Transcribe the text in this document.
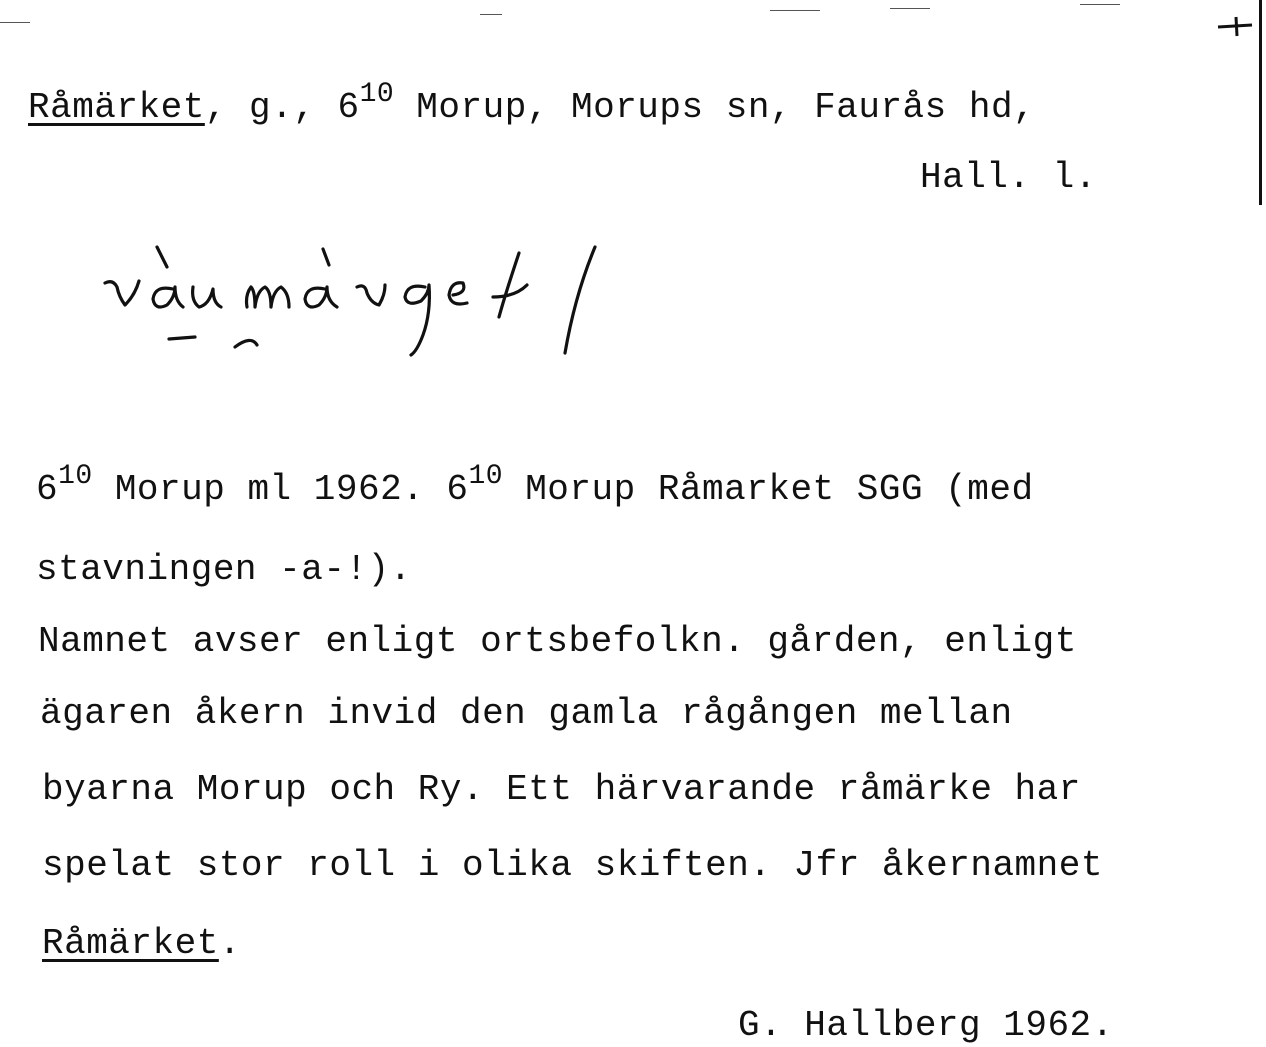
Råmärket, g., $6^{10}$ Morup, Morups sn, Faurås hd,
Hall. l.
$6^{10}$ Morup ml 1962. $6^{10}$ Morup Råmarket SGG (med
stavningen -a-!).
Namnet avser enligt ortsbefolkn. gården, enligt
ägaren åkern invid den gamla rågången mellan
byarna Morup och Ry. Ett härvarande råmärke har
spelat stor roll i olika skiften. Jfr åkernamnet
Råmärket.
G. Hallberg 1962.
